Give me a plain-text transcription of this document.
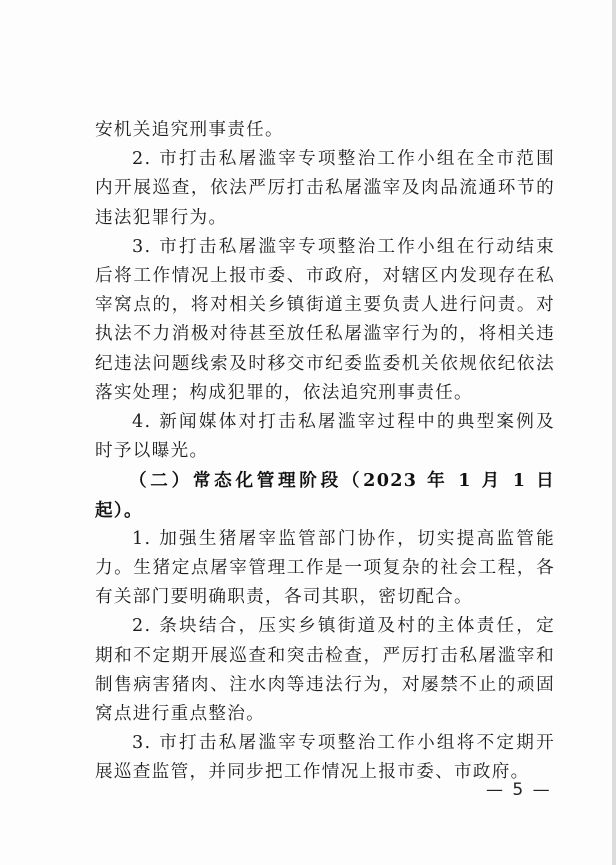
安机关追究刑事责任。

2. 市打击私屠滥宰专项整治工作小组在全市范围内开展巡查，依法严厉打击私屠滥宰及肉品流通环节的违法犯罪行为。

3. 市打击私屠滥宰专项整治工作小组在行动结束后将工作情况上报市委、市政府，对辖区内发现存在私宰窝点的，将对相关乡镇街道主要负责人进行问责。对执法不力消极对待甚至放任私屠滥宰行为的，将相关违纪违法问题线索及时移交市纪委监委机关依规依纪依法落实处理；构成犯罪的，依法追究刑事责任。

4. 新闻媒体对打击私屠滥宰过程中的典型案例及时予以曝光。

（二）常态化管理阶段（2023 年 1 月 1 日起）。

1. 加强生猪屠宰监管部门协作，切实提高监管能力。生猪定点屠宰管理工作是一项复杂的社会工程，各有关部门要明确职责，各司其职，密切配合。

2. 条块结合，压实乡镇街道及村的主体责任，定期和不定期开展巡查和突击检查，严厉打击私屠滥宰和制售病害猪肉、注水肉等违法行为，对屡禁不止的顽固窝点进行重点整治。

3. 市打击私屠滥宰专项整治工作小组将不定期开展巡查监管，并同步把工作情况上报市委、市政府。

— 5 —
